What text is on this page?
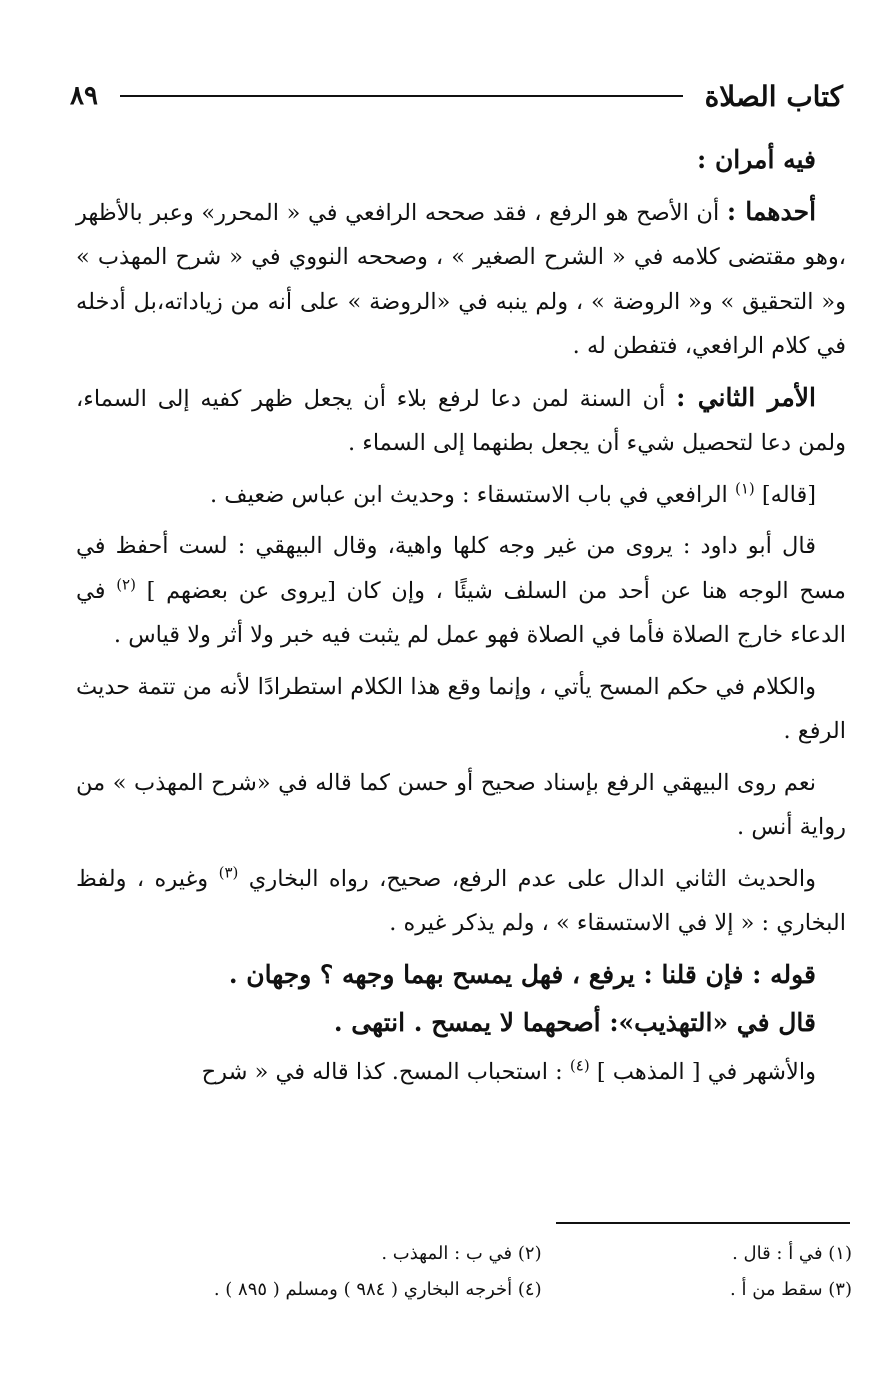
كتاب الصلاة
٨٩

فيه أمران :

أحدهما : أن الأصح هو الرفع ، فقد صححه الرافعي في « المحرر» وعبر بالأظهر ،وهو مقتضى كلامه في « الشرح الصغير » ، وصححه النووي في « شرح المهذب » و« التحقيق » و« الروضة » ، ولم ينبه في «الروضة » على أنه من زياداته،بل أدخله في كلام الرافعي، فتفطن له .

الأمر الثاني : أن السنة لمن دعا لرفع بلاء أن يجعل ظهر كفيه إلى السماء، ولمن دعا لتحصيل شيء أن يجعل بطنهما إلى السماء .

[قاله] $^{(١)}$ الرافعي في باب الاستسقاء : وحديث ابن عباس ضعيف .

قال أبو داود : يروى من غير وجه كلها واهية، وقال البيهقي : لست أحفظ في مسح الوجه هنا عن أحد من السلف شيئًا ، وإن كان [يروى عن بعضهم ] $^{(٢)}$ في الدعاء خارج الصلاة فأما في الصلاة فهو عمل لم يثبت فيه خبر ولا أثر ولا قياس .

والكلام في حكم المسح يأتي ، وإنما وقع هذا الكلام استطرادًا لأنه من تتمة حديث الرفع .

نعم روى البيهقي الرفع بإسناد صحيح أو حسن كما قاله في «شرح المهذب » من رواية أنس .

والحديث الثاني الدال على عدم الرفع، صحيح، رواه البخاري $^{(٣)}$ وغيره ، ولفظ البخاري : « إلا في الاستسقاء » ، ولم يذكر غيره .

قوله : فإن قلنا : يرفع ، فهل يمسح بهما وجهه ؟ وجهان .

قال في «التهذيب»: أصحهما لا يمسح . انتهى .

والأشهر في [ المذهب ] $^{(٤)}$ : استحباب المسح. كذا قاله في « شرح

(١) في أ : قال .
(٢) في ب : المهذب .
(٣) سقط من أ .
(٤) أخرجه البخاري ( ٩٨٤ ) ومسلم ( ٨٩٥ ) .
